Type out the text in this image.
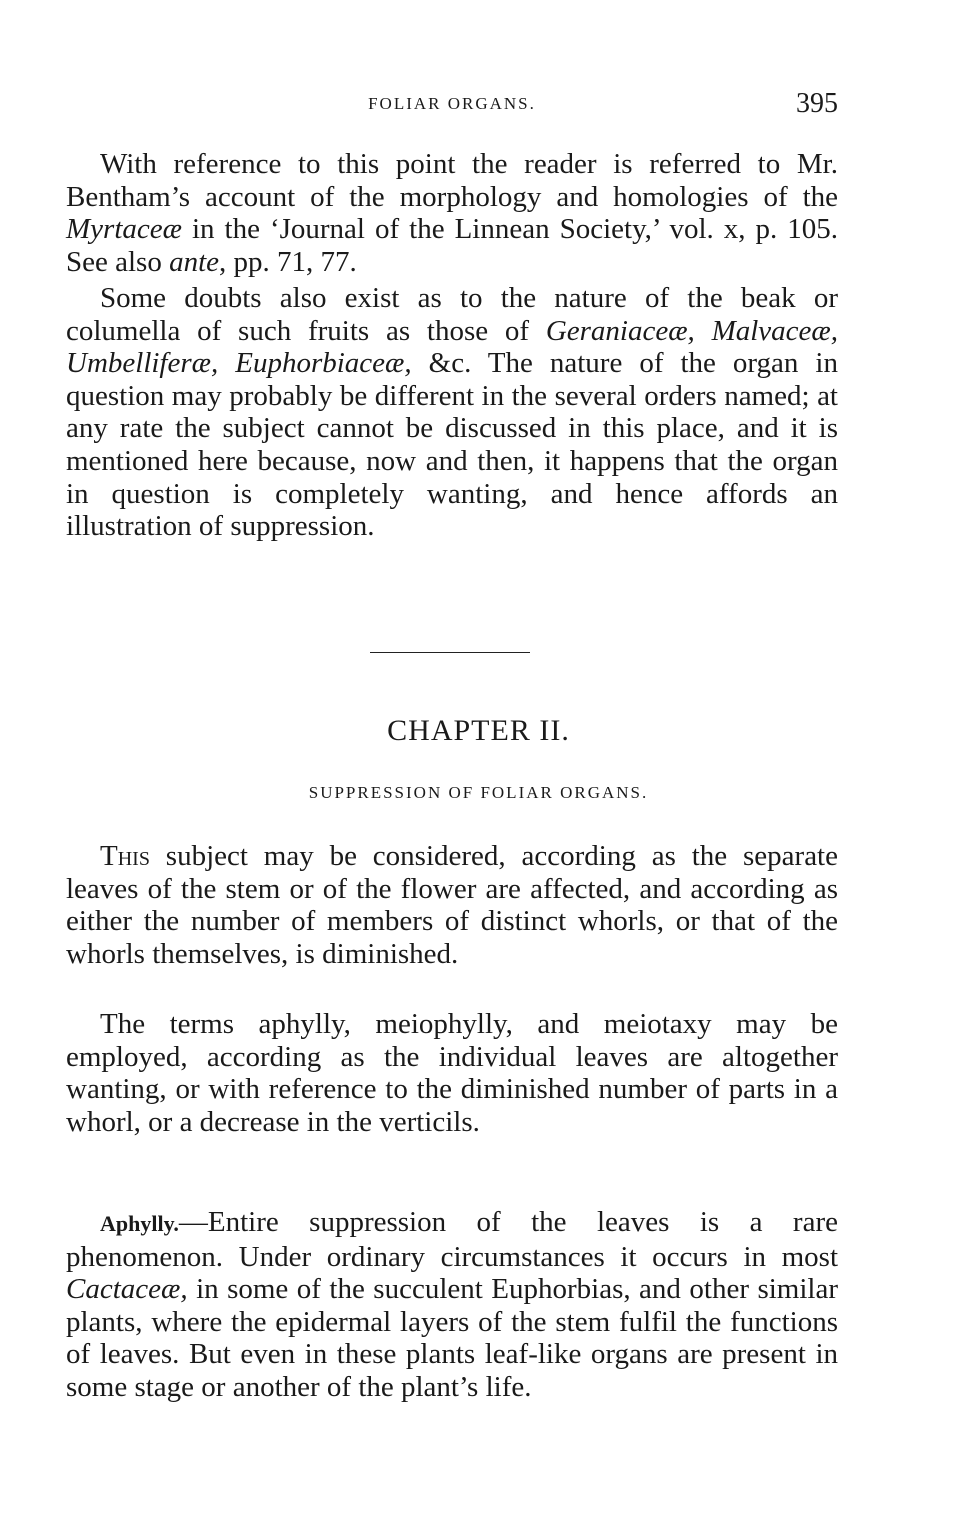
FOLIAR ORGANS.	395

With reference to this point the reader is referred to Mr. Bentham’s account of the morphology and homologies of the Myrtaceæ in the ‘Journal of the Linnean Society,’ vol. x, p. 105. See also ante, pp. 71, 77.

Some doubts also exist as to the nature of the beak or columella of such fruits as those of Geraniaceæ, Malvaceæ, Umbelliferæ, Euphorbiaceæ, &c. The nature of the organ in question may probably be different in the several orders named; at any rate the subject cannot be discussed in this place, and it is mentioned here because, now and then, it happens that the organ in question is completely wanting, and hence affords an illustration of suppression.

CHAPTER II.
SUPPRESSION OF FOLIAR ORGANS.

This subject may be considered, according as the separate leaves of the stem or of the flower are affected, and according as either the number of members of distinct whorls, or that of the whorls themselves, is diminished.

The terms aphylly, meiophylly, and meiotaxy may be employed, according as the individual leaves are altogether wanting, or with reference to the diminished number of parts in a whorl, or a decrease in the verticils.

Aphylly.—Entire suppression of the leaves is a rare phenomenon. Under ordinary circumstances it occurs in most Cactaceæ, in some of the succulent Euphorbias, and other similar plants, where the epidermal layers of the stem fulfil the functions of leaves. But even in these plants leaf-like organs are present in some stage or another of the plant’s life.
